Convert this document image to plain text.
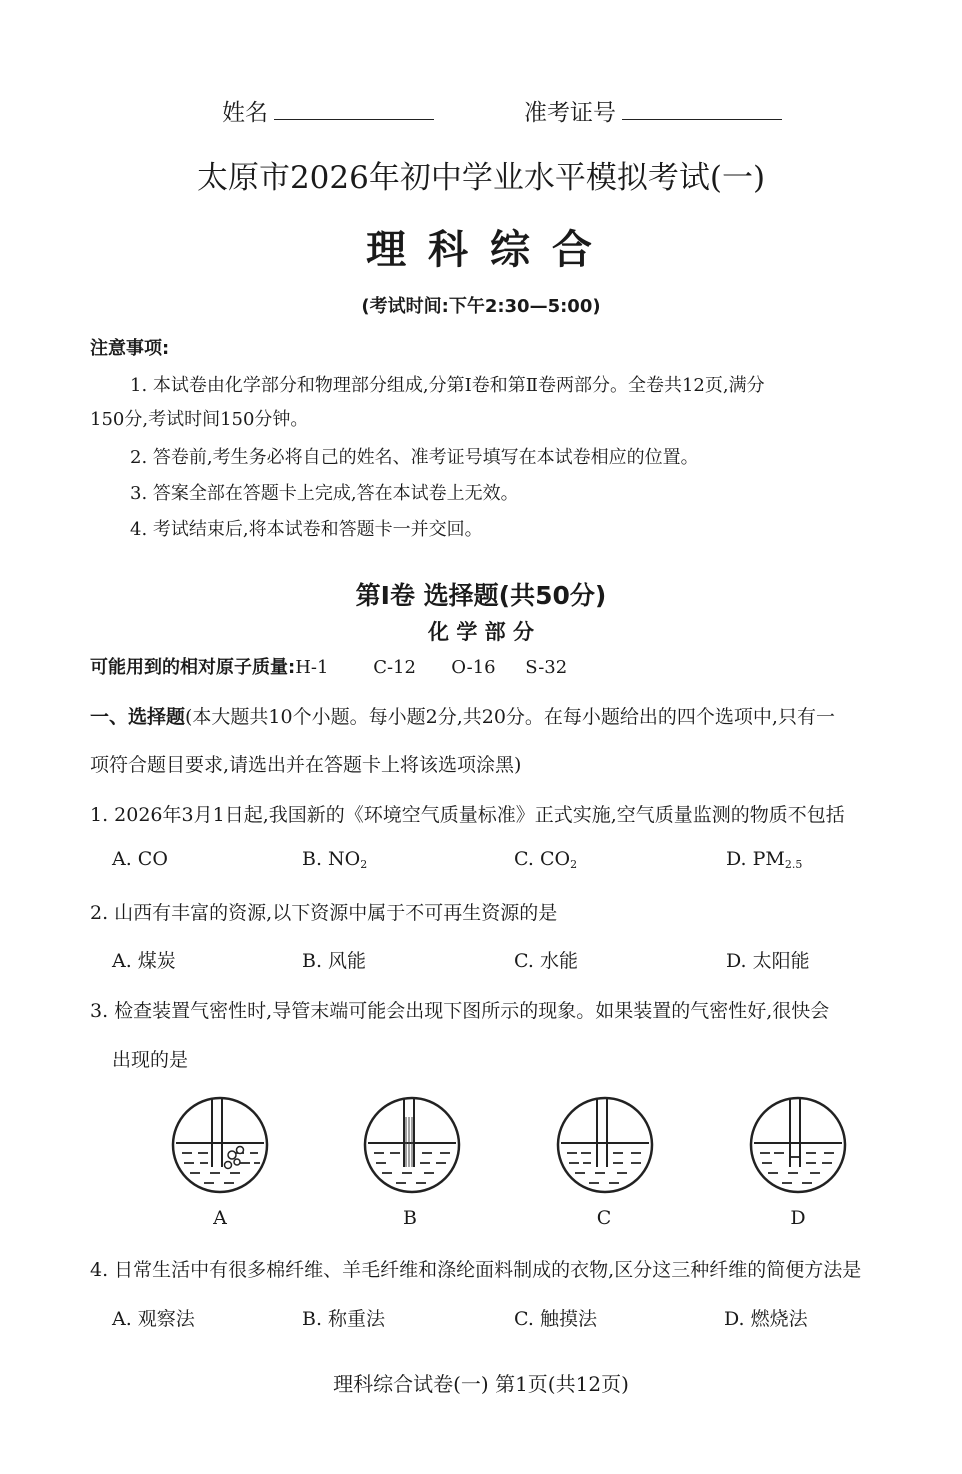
姓名	准考证号
太原市2026年初中学业水平模拟考试(一)
理 科 综 合
(考试时间:下午2:30—5:00)
注意事项:
1. 本试卷由化学部分和物理部分组成,分第Ⅰ卷和第Ⅱ卷两部分。全卷共12页,满分
150分,考试时间150分钟。
2. 答卷前,考生务必将自己的姓名、准考证号填写在本试卷相应的位置。
3. 答案全部在答题卡上完成,答在本试卷上无效。
4. 考试结束后,将本试卷和答题卡一并交回。
第Ⅰ卷 选择题(共50分)
化 学 部 分
可能用到的相对原子质量:H-1 C-12 O-16 S-32
一、选择题(本大题共10个小题。每小题2分,共20分。在每小题给出的四个选项中,只有一
项符合题目要求,请选出并在答题卡上将该选项涂黑)
1. 2026年3月1日起,我国新的《环境空气质量标准》正式实施,空气质量监测的物质不包括
A. CO	B. $NO_2$	C. $CO_2$	D. $PM_{2.5}$
2. 山西有丰富的资源,以下资源中属于不可再生资源的是
A. 煤炭	B. 风能	C. 水能	D. 太阳能
3. 检查装置气密性时,导管末端可能会出现下图所示的现象。如果装置的气密性好,很快会
出现的是
A	B	C	D
4. 日常生活中有很多棉纤维、羊毛纤维和涤纶面料制成的衣物,区分这三种纤维的简便方法是
A. 观察法	B. 称重法	C. 触摸法	D. 燃烧法
理科综合试卷(一) 第1页(共12页)
